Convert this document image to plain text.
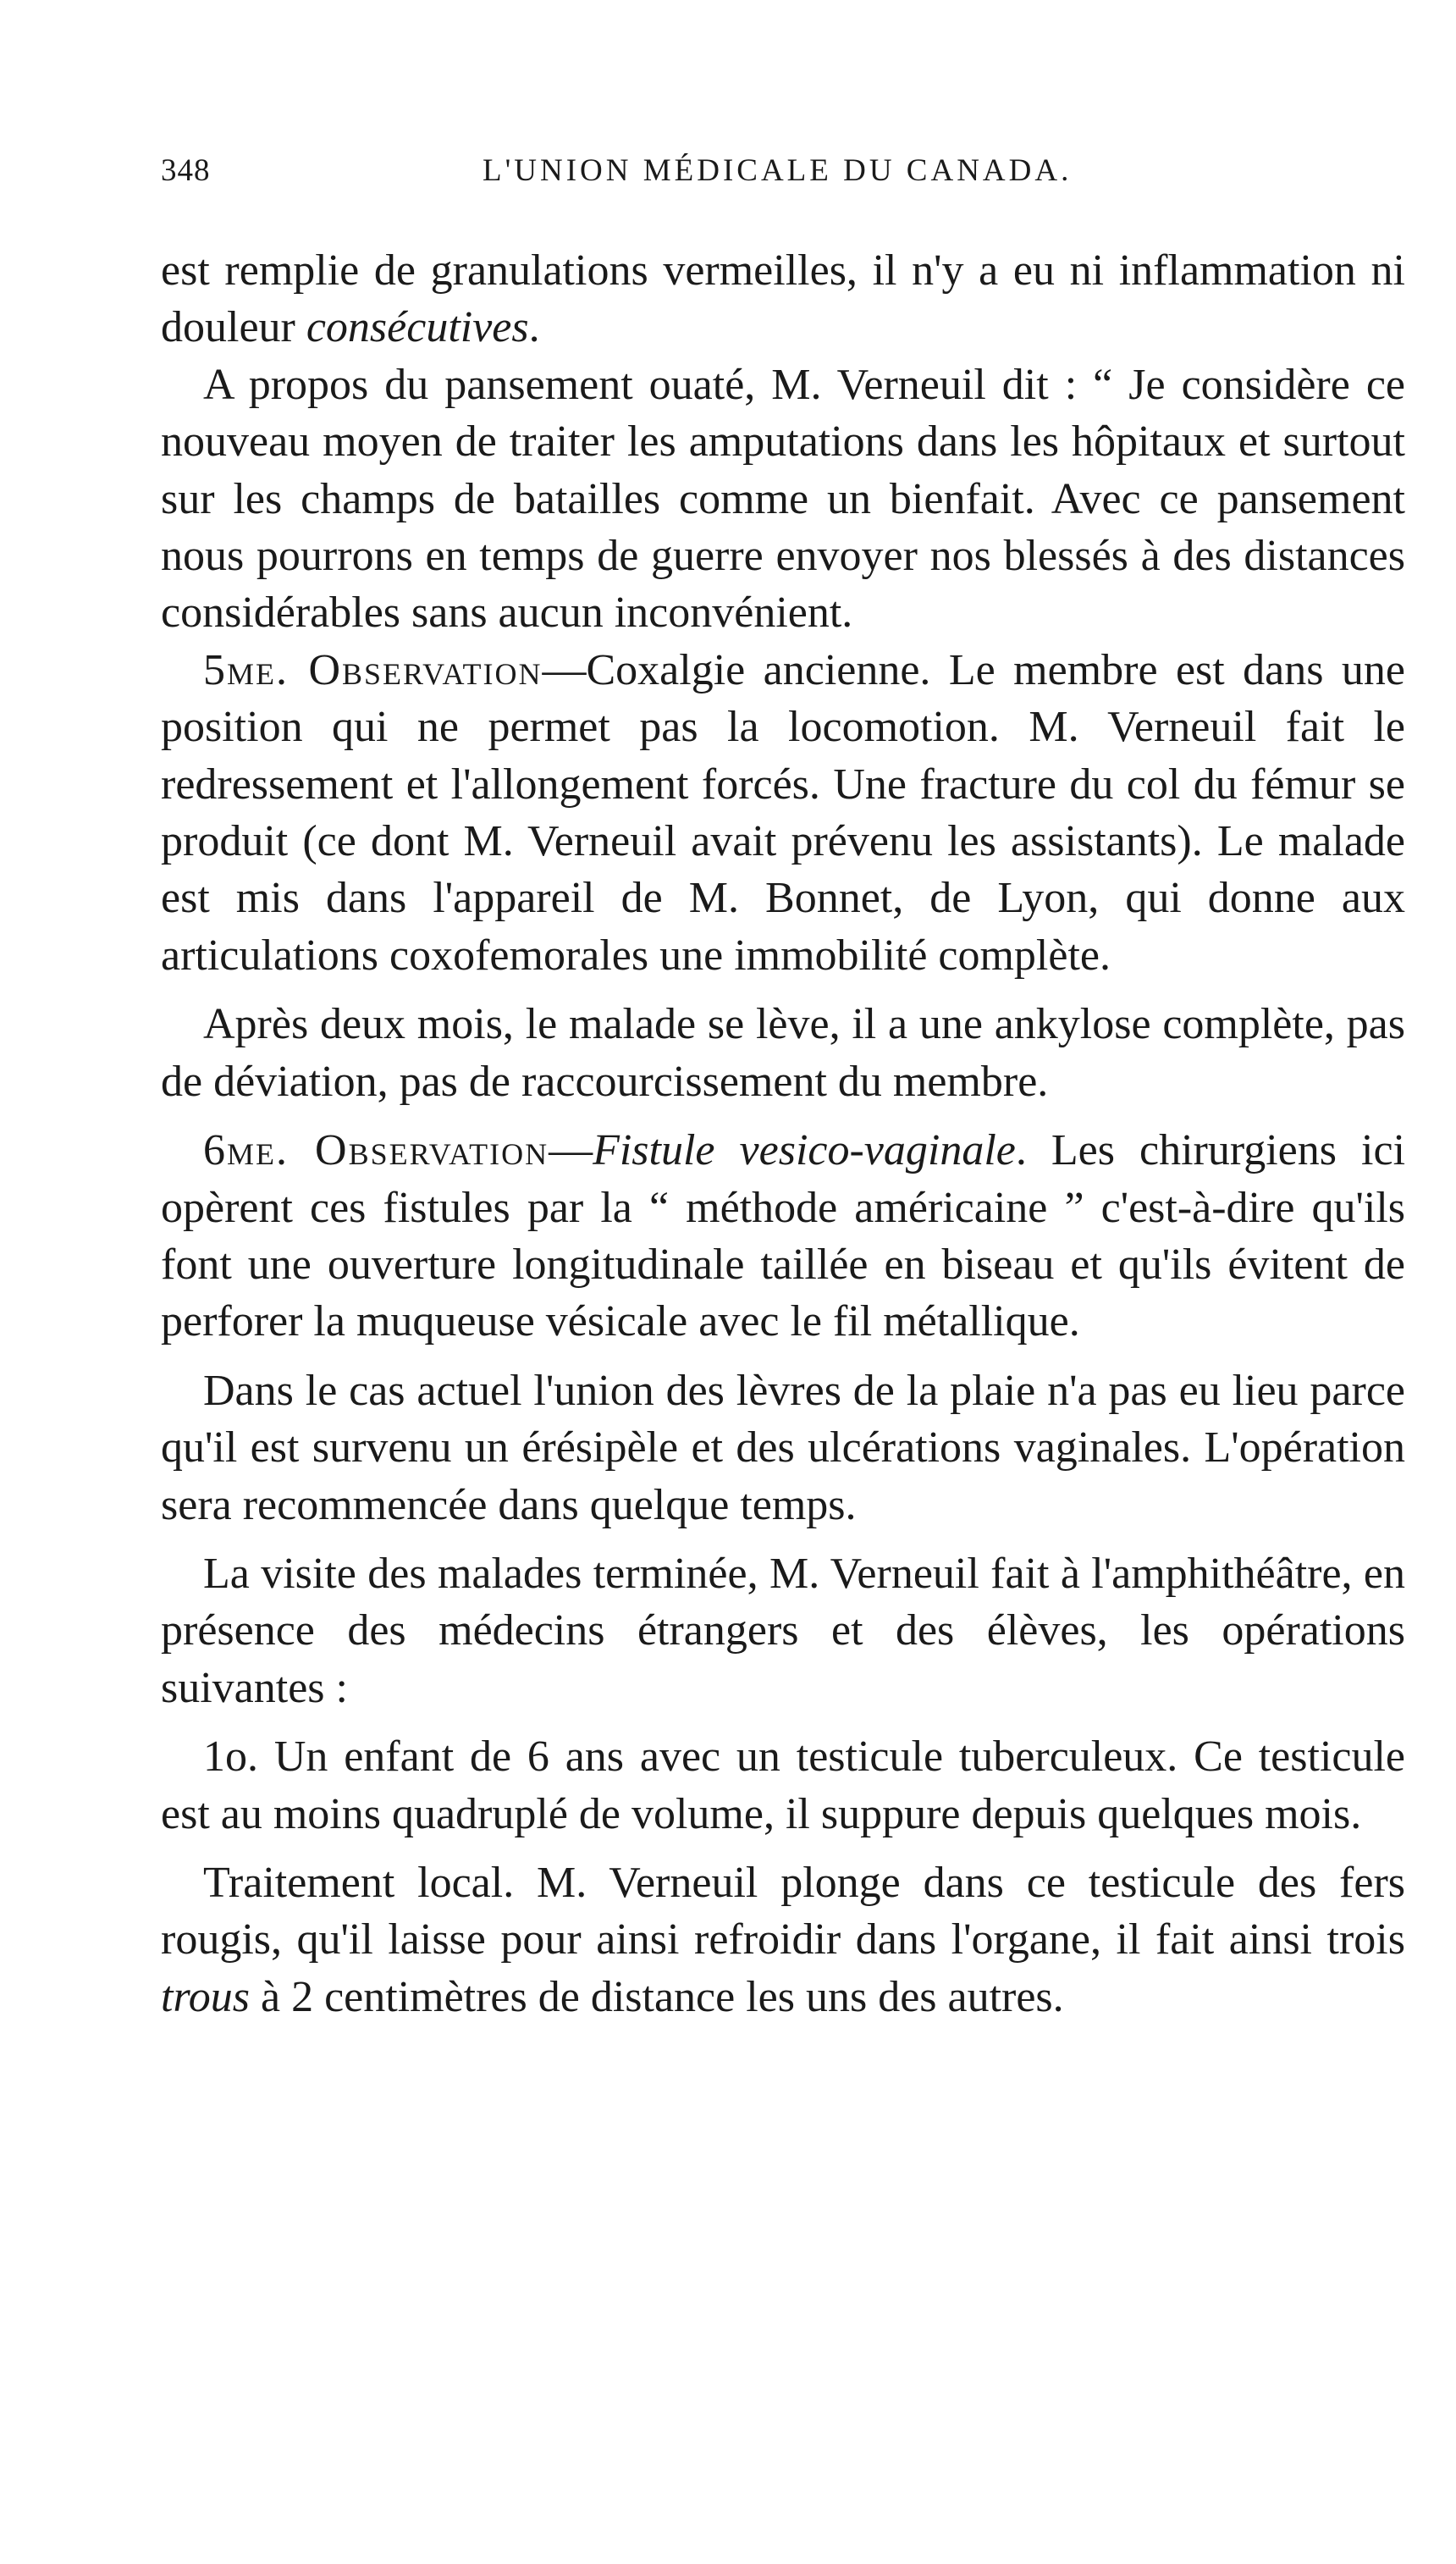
348	L'UNION MÉDICALE DU CANADA.

est remplie de granulations vermeilles, il n'y a eu ni inflammation ni douleur consécutives.

A propos du pansement ouaté, M. Verneuil dit : “ Je considère ce nouveau moyen de traiter les amputations dans les hôpitaux et surtout sur les champs de batailles comme un bienfait. Avec ce pansement nous pourrons en temps de guerre envoyer nos blessés à des distances considérables sans aucun inconvénient.

5me. Observation—Coxalgie ancienne. Le membre est dans une position qui ne permet pas la locomotion. M. Verneuil fait le redressement et l'allongement forcés. Une fracture du col du fémur se produit (ce dont M. Verneuil avait prévenu les assistants). Le malade est mis dans l'appareil de M. Bonnet, de Lyon, qui donne aux articulations coxofemorales une immobilité complète.

Après deux mois, le malade se lève, il a une ankylose complète, pas de déviation, pas de raccourcissement du membre.

6me. Observation—Fistule vesico-vaginale. Les chirurgiens ici opèrent ces fistules par la “ méthode américaine ” c'est-à-dire qu'ils font une ouverture longitudinale taillée en biseau et qu'ils évitent de perforer la muqueuse vésicale avec le fil métallique.

Dans le cas actuel l'union des lèvres de la plaie n'a pas eu lieu parce qu'il est survenu un érésipèle et des ulcérations vaginales. L'opération sera recommencée dans quelque temps.

La visite des malades terminée, M. Verneuil fait à l'amphithéâtre, en présence des médecins étrangers et des élèves, les opérations suivantes :

1o. Un enfant de 6 ans avec un testicule tuberculeux. Ce testicule est au moins quadruplé de volume, il suppure depuis quelques mois.

Traitement local. M. Verneuil plonge dans ce testicule des fers rougis, qu'il laisse pour ainsi refroidir dans l'organe, il fait ainsi trois trous à 2 centimètres de distance les uns des autres.
